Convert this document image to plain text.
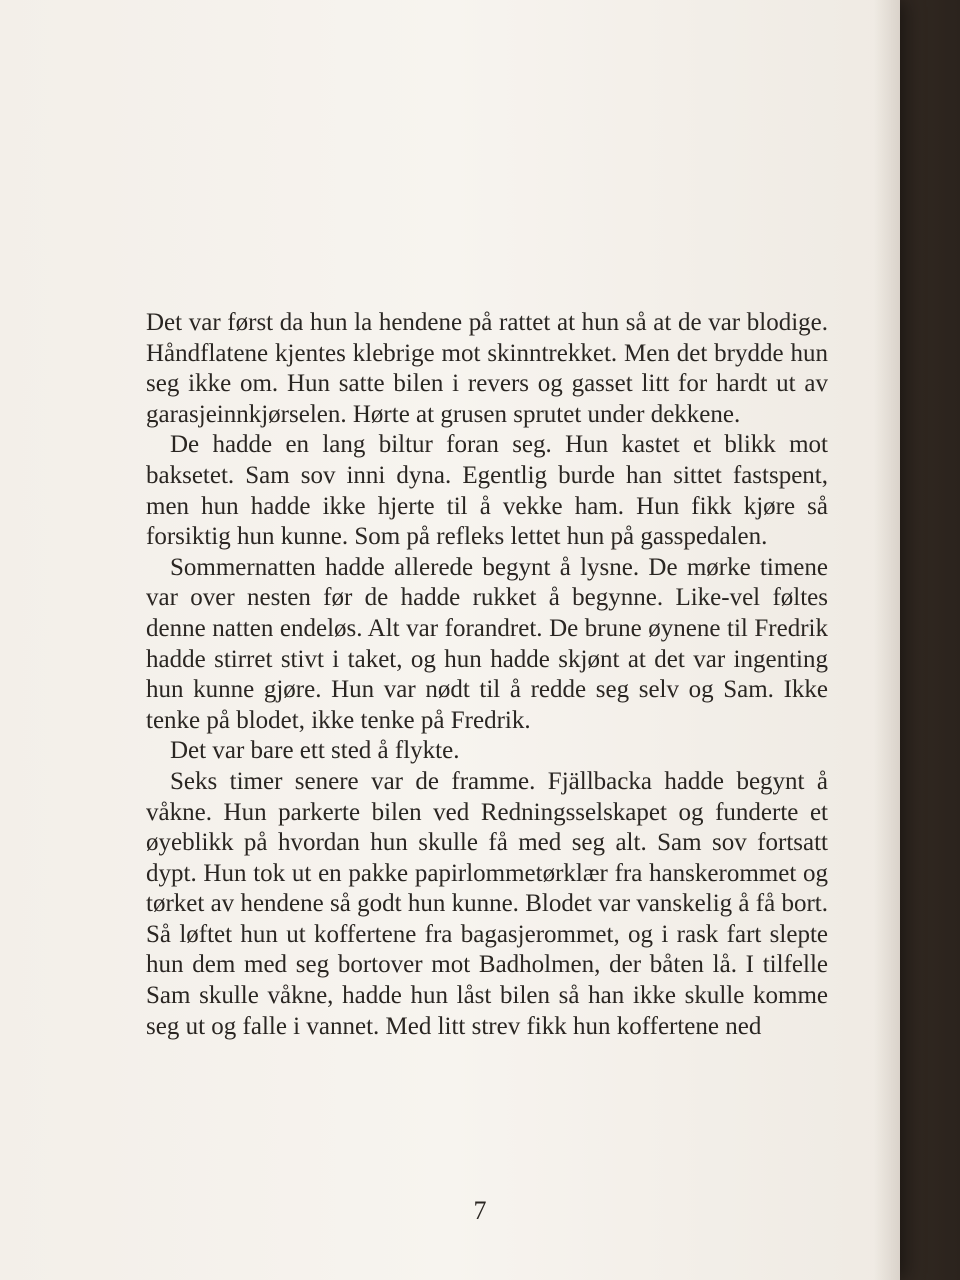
Det var først da hun la hendene på rattet at hun så at de var blodige. Håndflatene kjentes klebrige mot skinntrekket. Men det brydde hun seg ikke om. Hun satte bilen i revers og gasset litt for hardt ut av garasjeinnkjørselen. Hørte at grusen sprutet under dekkene.

De hadde en lang biltur foran seg. Hun kastet et blikk mot baksetet. Sam sov inni dyna. Egentlig burde han sittet fastspent, men hun hadde ikke hjerte til å vekke ham. Hun fikk kjøre så forsiktig hun kunne. Som på refleks lettet hun på gasspedalen.

Sommernatten hadde allerede begynt å lysne. De mørke timene var over nesten før de hadde rukket å begynne. Like-vel føltes denne natten endeløs. Alt var forandret. De brune øynene til Fredrik hadde stirret stivt i taket, og hun hadde skjønt at det var ingenting hun kunne gjøre. Hun var nødt til å redde seg selv og Sam. Ikke tenke på blodet, ikke tenke på Fredrik.

Det var bare ett sted å flykte.

Seks timer senere var de framme. Fjällbacka hadde begynt å våkne. Hun parkerte bilen ved Redningsselskapet og funderte et øyeblikk på hvordan hun skulle få med seg alt. Sam sov fortsatt dypt. Hun tok ut en pakke papirlommetørklær fra hanskerommet og tørket av hendene så godt hun kunne. Blodet var vanskelig å få bort. Så løftet hun ut koffertene fra bagasjerommet, og i rask fart slepte hun dem med seg bortover mot Badholmen, der båten lå. I tilfelle Sam skulle våkne, hadde hun låst bilen så han ikke skulle komme seg ut og falle i vannet. Med litt strev fikk hun koffertene ned

7
